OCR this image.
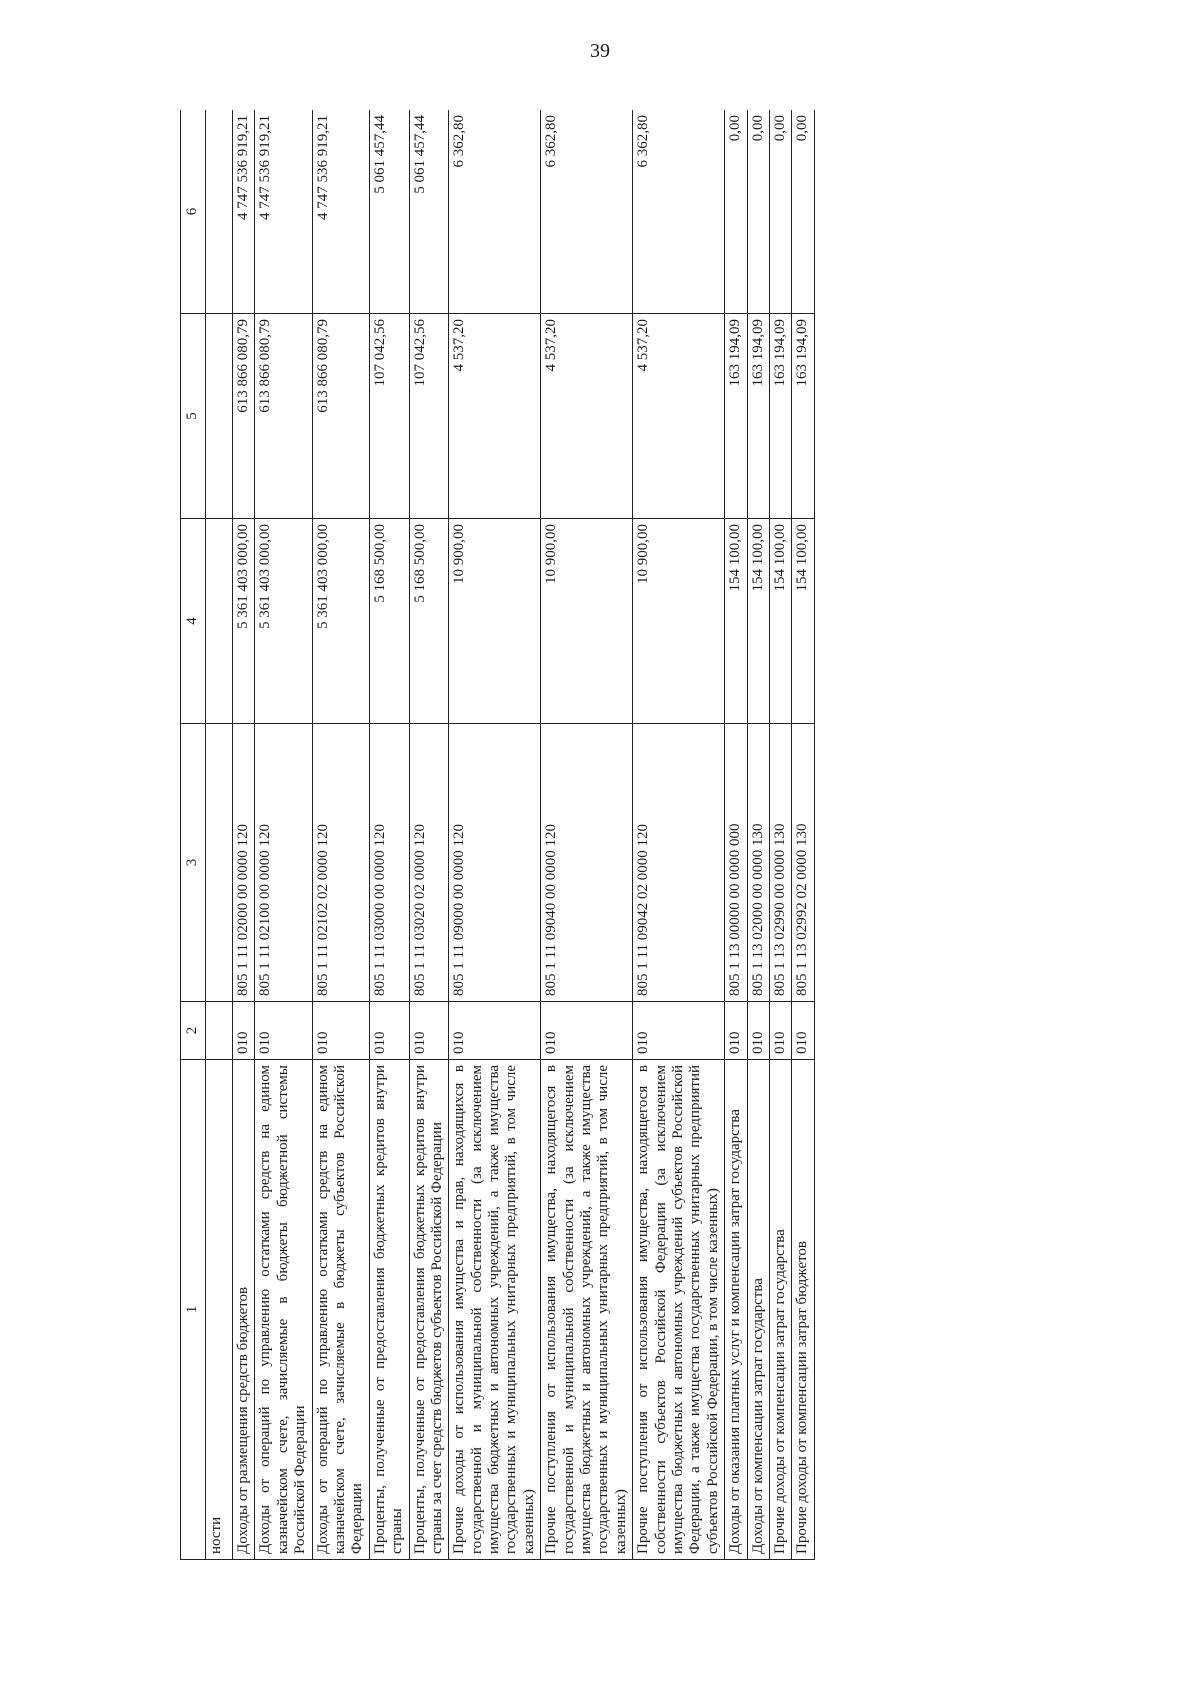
39
1	2	3	4	5	6
ности					
Доходы от размещения средств бюджетов	010	805 1 11 02000 00 0000 120	5 361 403 000,00	613 866 080,79	4 747 536 919,21
Доходы от операций по управлению остатками средств на едином казначейском счете, зачисляемые в бюджеты бюджетной системы Российской Федерации	010	805 1 11 02100 00 0000 120	5 361 403 000,00	613 866 080,79	4 747 536 919,21
Доходы от операций по управлению остатками средств на едином казначейском счете, зачисляемые в бюджеты субъектов Российской Федерации	010	805 1 11 02102 02 0000 120	5 361 403 000,00	613 866 080,79	4 747 536 919,21
Проценты, полученные от предоставления бюджетных кредитов внутри страны	010	805 1 11 03000 00 0000 120	5 168 500,00	107 042,56	5 061 457,44
Проценты, полученные от предоставления бюджетных кредитов внутри страны за счет средств бюджетов субъектов Российской Федерации	010	805 1 11 03020 02 0000 120	5 168 500,00	107 042,56	5 061 457,44
Прочие доходы от использования имущества и прав, находящихся в государственной и муниципальной собственности (за исключением имущества бюджетных и автономных учреждений, а также имущества государственных и муниципальных унитарных предприятий, в том числе казенных)	010	805 1 11 09000 00 0000 120	10 900,00	4 537,20	6 362,80
Прочие поступления от использования имущества, находящегося в государственной и муниципальной собственности (за исключением имущества бюджетных и автономных учреждений, а также имущества государственных и муниципальных унитарных предприятий, в том числе казенных)	010	805 1 11 09040 00 0000 120	10 900,00	4 537,20	6 362,80
Прочие поступления от использования имущества, находящегося в собственности субъектов Российской Федерации (за исключением имущества бюджетных и автономных учреждений субъектов Российской Федерации, а также имущества государственных унитарных предприятий субъектов Российской Федерации, в том числе казенных)	010	805 1 11 09042 02 0000 120	10 900,00	4 537,20	6 362,80
Доходы от оказания платных услуг и компенсации затрат государства	010	805 1 13 00000 00 0000 000	154 100,00	163 194,09	0,00
Доходы от компенсации затрат государства	010	805 1 13 02000 00 0000 130	154 100,00	163 194,09	0,00
Прочие доходы от компенсации затрат государства	010	805 1 13 02990 00 0000 130	154 100,00	163 194,09	0,00
Прочие доходы от компенсации затрат бюджетов	010	805 1 13 02992 02 0000 130	154 100,00	163 194,09	0,00
